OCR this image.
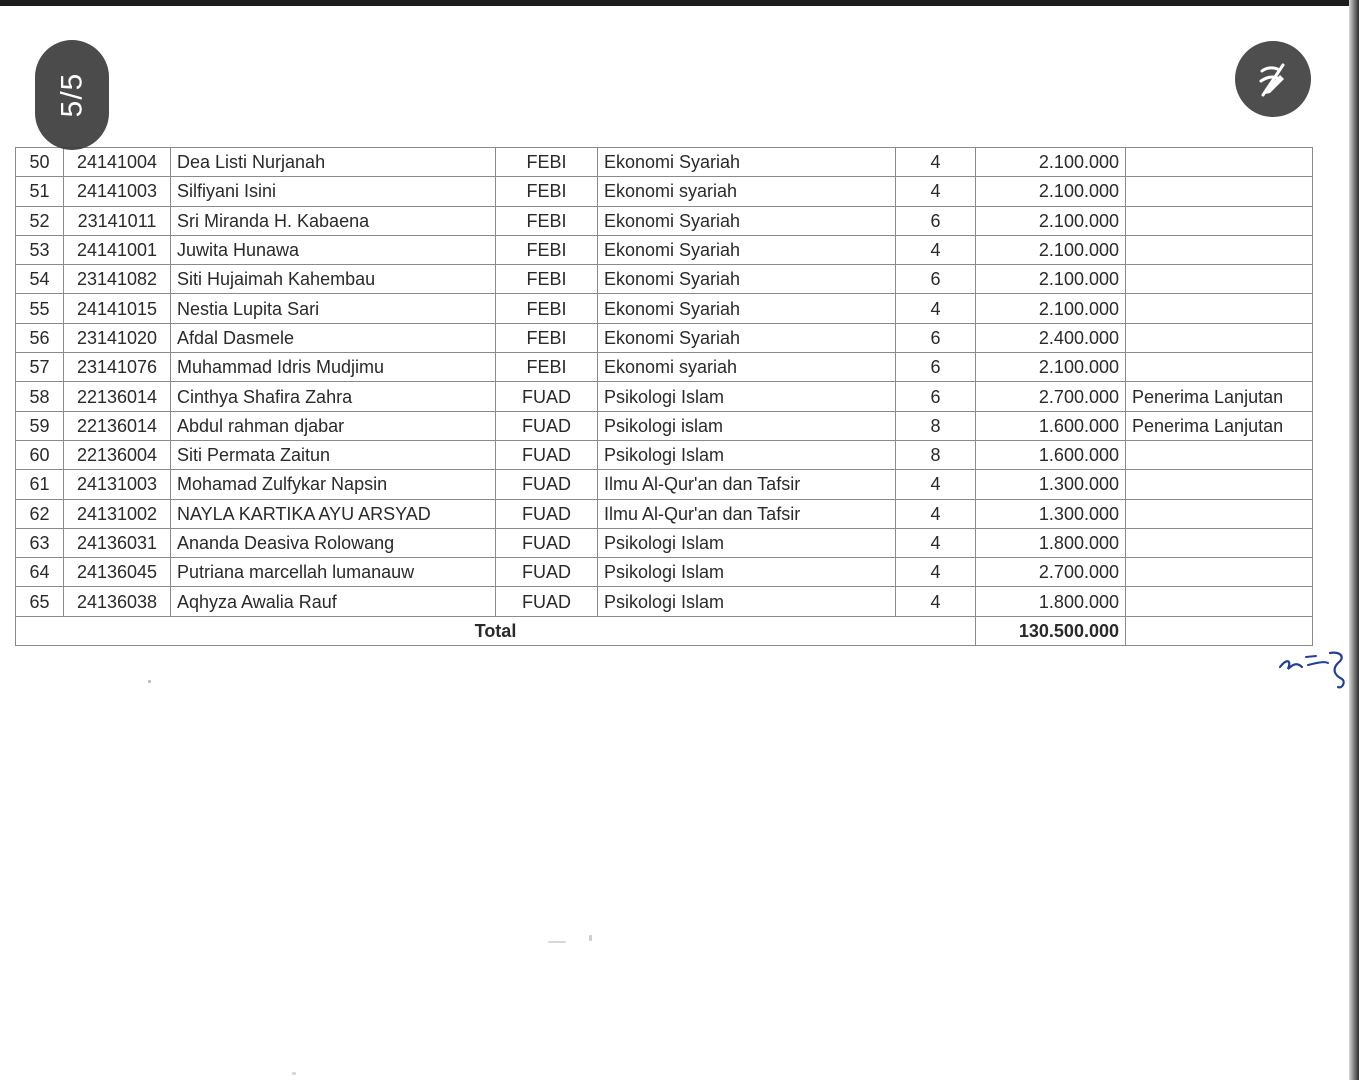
5/5
50	24141004	Dea Listi Nurjanah	FEBI	Ekonomi Syariah	4	2.100.000	
51	24141003	Silfiyani Isini	FEBI	Ekonomi syariah	4	2.100.000	
52	23141011	Sri Miranda H. Kabaena	FEBI	Ekonomi Syariah	6	2.100.000	
53	24141001	Juwita Hunawa	FEBI	Ekonomi Syariah	4	2.100.000	
54	23141082	Siti Hujaimah Kahembau	FEBI	Ekonomi Syariah	6	2.100.000	
55	24141015	Nestia Lupita Sari	FEBI	Ekonomi Syariah	4	2.100.000	
56	23141020	Afdal Dasmele	FEBI	Ekonomi Syariah	6	2.400.000	
57	23141076	Muhammad Idris Mudjimu	FEBI	Ekonomi syariah	6	2.100.000	
58	22136014	Cinthya Shafira Zahra	FUAD	Psikologi Islam	6	2.700.000	Penerima Lanjutan
59	22136014	Abdul rahman djabar	FUAD	Psikologi islam	8	1.600.000	Penerima Lanjutan
60	22136004	Siti Permata Zaitun	FUAD	Psikologi Islam	8	1.600.000	
61	24131003	Mohamad Zulfykar Napsin	FUAD	Ilmu Al-Qur'an dan Tafsir	4	1.300.000	
62	24131002	NAYLA KARTIKA AYU ARSYAD	FUAD	Ilmu Al-Qur'an dan Tafsir	4	1.300.000	
63	24136031	Ananda Deasiva Rolowang	FUAD	Psikologi Islam	4	1.800.000	
64	24136045	Putriana marcellah lumanauw	FUAD	Psikologi Islam	4	2.700.000	
65	24136038	Aqhyza Awalia Rauf	FUAD	Psikologi Islam	4	1.800.000	
Total						130.500.000	
